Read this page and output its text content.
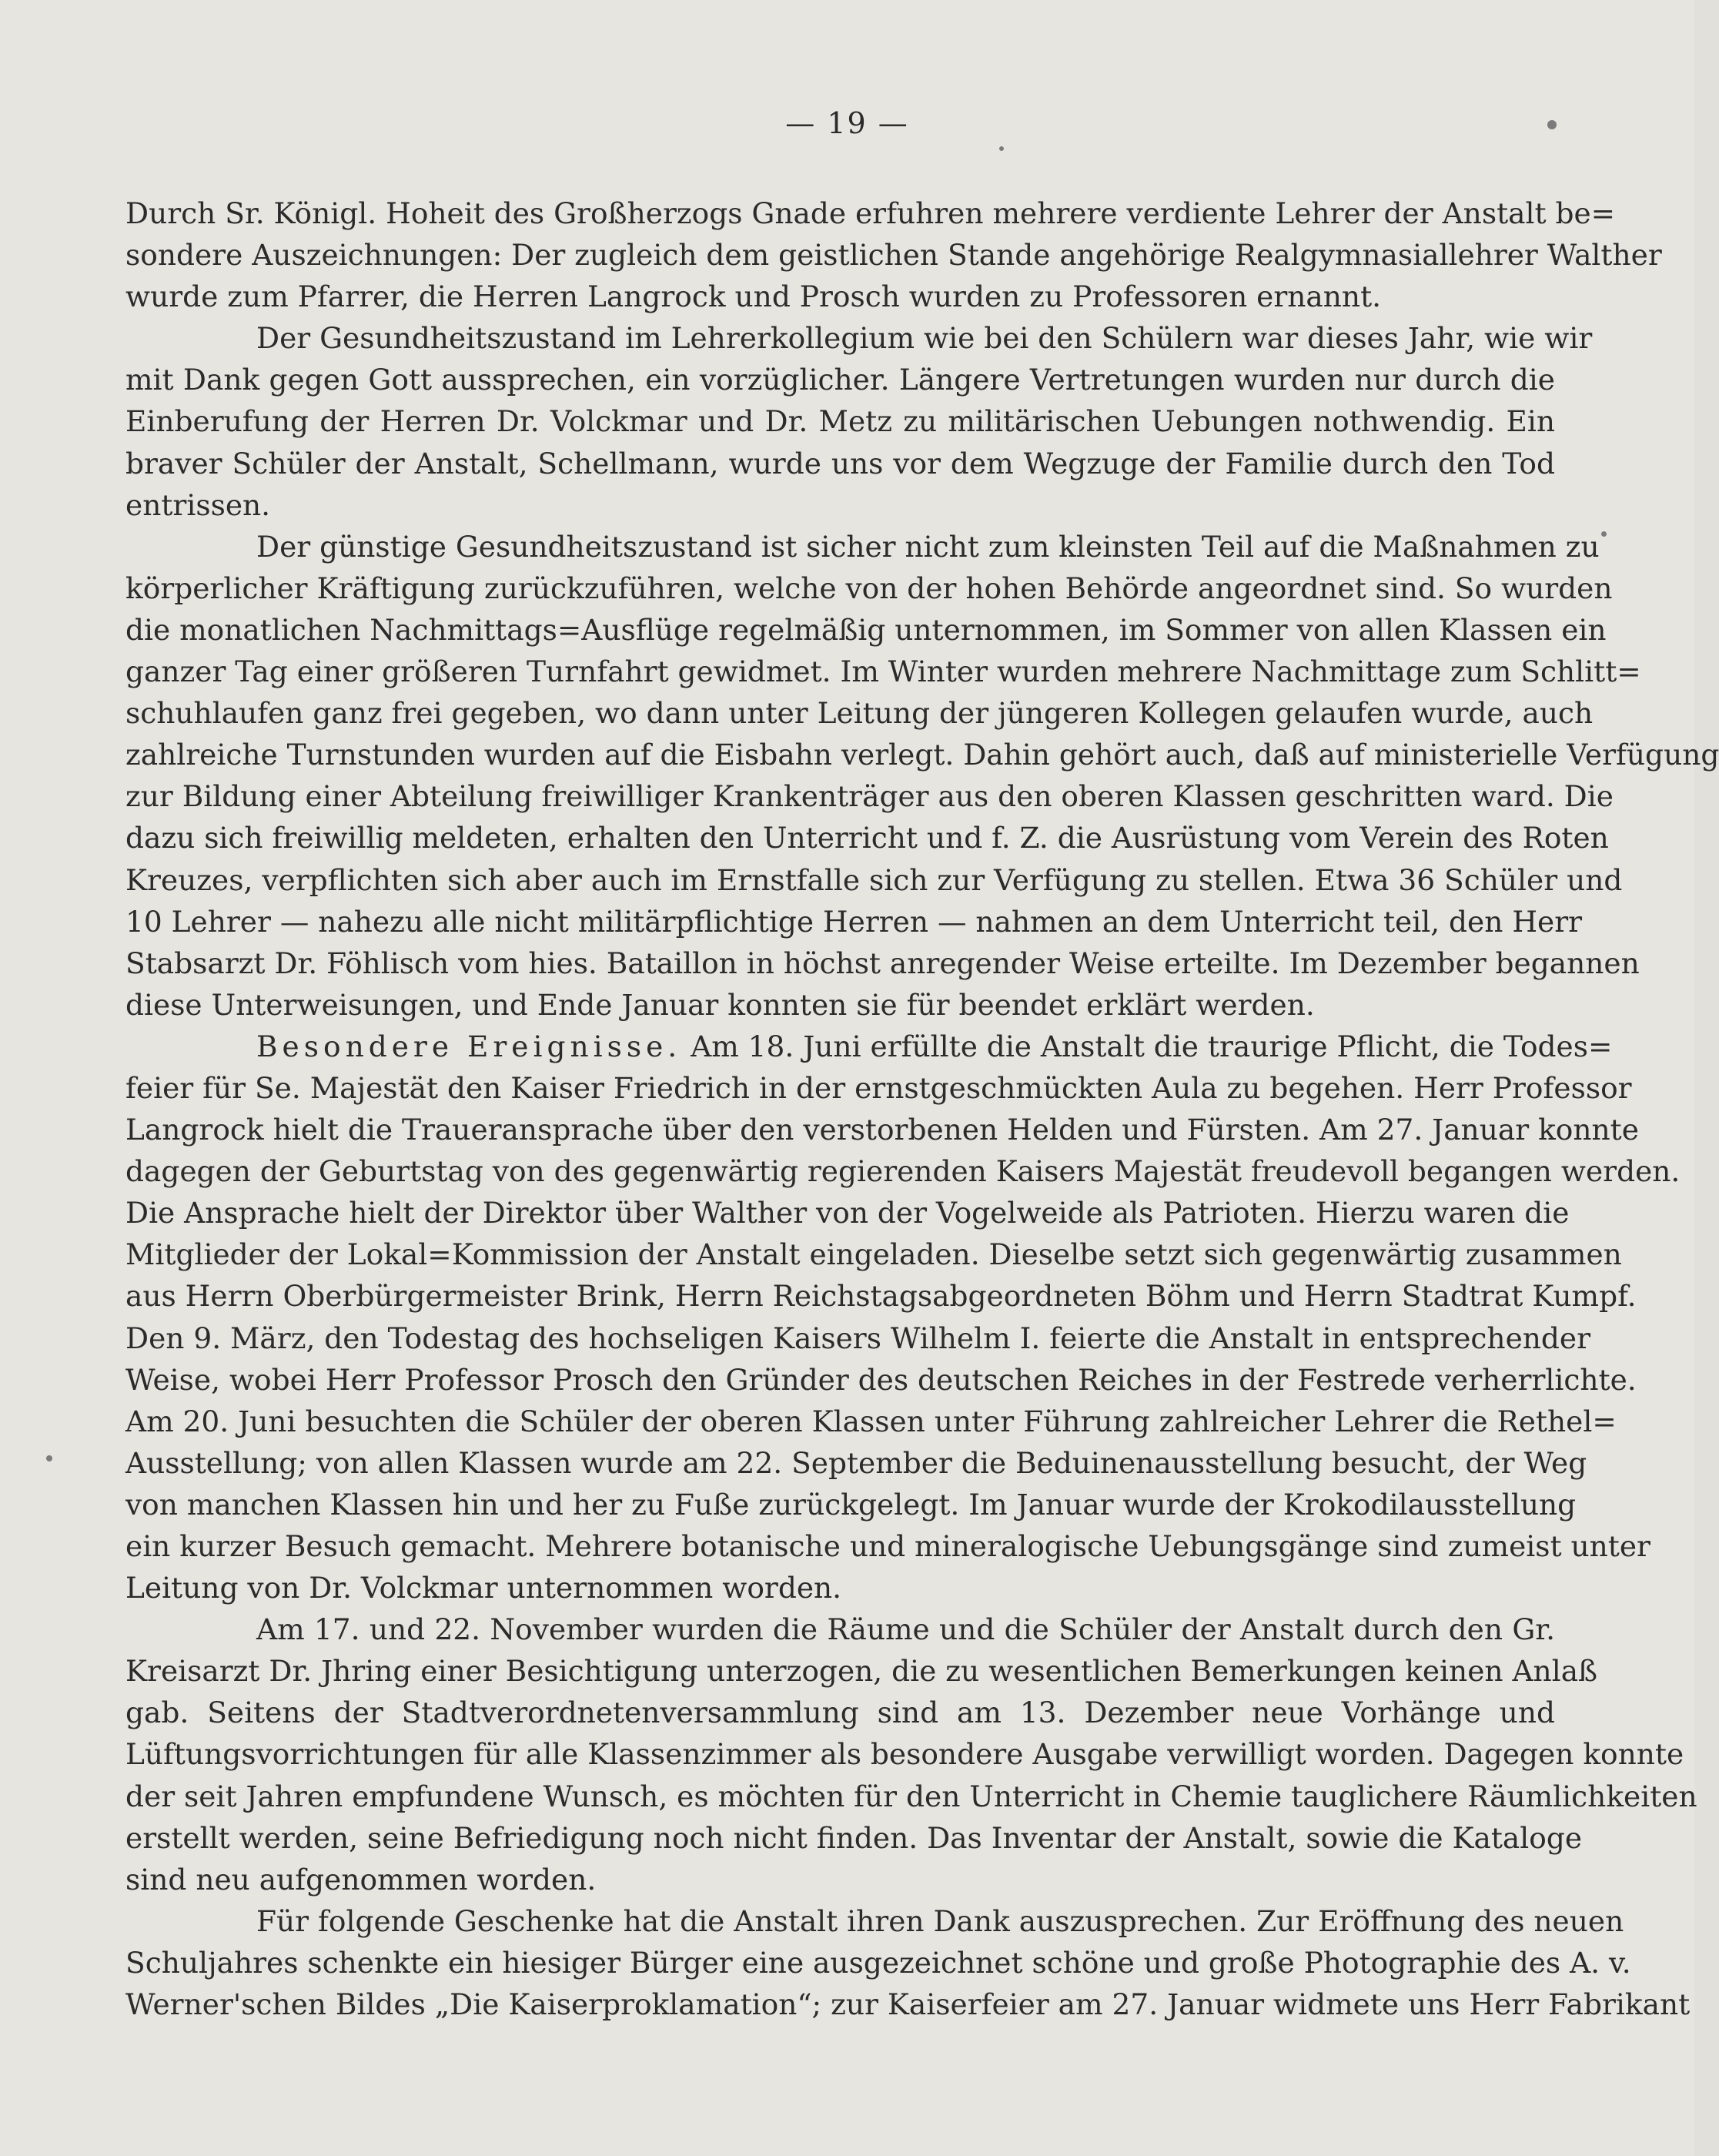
— 19 —

Durch Sr. Königl. Hoheit des Großherzogs Gnade erfuhren mehrere verdiente Lehrer der Anstalt be=
sondere Auszeichnungen: Der zugleich dem geistlichen Stande angehörige Realgymnasiallehrer Walther
wurde zum Pfarrer, die Herren Langrock und Prosch wurden zu Professoren ernannt.

Der Gesundheitszustand im Lehrerkollegium wie bei den Schülern war dieses Jahr, wie wir
mit Dank gegen Gott aussprechen, ein vorzüglicher. Längere Vertretungen wurden nur durch die
Einberufung der Herren Dr. Volckmar und Dr. Metz zu militärischen Uebungen nothwendig. Ein
braver Schüler der Anstalt, Schellmann, wurde uns vor dem Wegzuge der Familie durch den Tod
entrissen.

Der günstige Gesundheitszustand ist sicher nicht zum kleinsten Teil auf die Maßnahmen zu
körperlicher Kräftigung zurückzuführen, welche von der hohen Behörde angeordnet sind. So wurden
die monatlichen Nachmittags=Ausflüge regelmäßig unternommen, im Sommer von allen Klassen ein
ganzer Tag einer größeren Turnfahrt gewidmet. Im Winter wurden mehrere Nachmittage zum Schlitt=
schuhlaufen ganz frei gegeben, wo dann unter Leitung der jüngeren Kollegen gelaufen wurde, auch
zahlreiche Turnstunden wurden auf die Eisbahn verlegt. Dahin gehört auch, daß auf ministerielle Verfügung
zur Bildung einer Abteilung freiwilliger Krankenträger aus den oberen Klassen geschritten ward. Die
dazu sich freiwillig meldeten, erhalten den Unterricht und f. Z. die Ausrüstung vom Verein des Roten
Kreuzes, verpflichten sich aber auch im Ernstfalle sich zur Verfügung zu stellen. Etwa 36 Schüler und
10 Lehrer — nahezu alle nicht militärpflichtige Herren — nahmen an dem Unterricht teil, den Herr
Stabsarzt Dr. Föhlisch vom hies. Bataillon in höchst anregender Weise erteilte. Im Dezember begannen
diese Unterweisungen, und Ende Januar konnten sie für beendet erklärt werden.

Besondere Ereignisse. Am 18. Juni erfüllte die Anstalt die traurige Pflicht, die Todes=
feier für Se. Majestät den Kaiser Friedrich in der ernstgeschmückten Aula zu begehen. Herr Professor
Langrock hielt die Traueransprache über den verstorbenen Helden und Fürsten. Am 27. Januar konnte
dagegen der Geburtstag von des gegenwärtig regierenden Kaisers Majestät freudevoll begangen werden.
Die Ansprache hielt der Direktor über Walther von der Vogelweide als Patrioten. Hierzu waren die
Mitglieder der Lokal=Kommission der Anstalt eingeladen. Dieselbe setzt sich gegenwärtig zusammen
aus Herrn Oberbürgermeister Brink, Herrn Reichstagsabgeordneten Böhm und Herrn Stadtrat Kumpf.
Den 9. März, den Todestag des hochseligen Kaisers Wilhelm I. feierte die Anstalt in entsprechender
Weise, wobei Herr Professor Prosch den Gründer des deutschen Reiches in der Festrede verherrlichte.
Am 20. Juni besuchten die Schüler der oberen Klassen unter Führung zahlreicher Lehrer die Rethel=
Ausstellung; von allen Klassen wurde am 22. September die Beduinenausstellung besucht, der Weg
von manchen Klassen hin und her zu Fuße zurückgelegt. Im Januar wurde der Krokodilausstellung
ein kurzer Besuch gemacht. Mehrere botanische und mineralogische Uebungsgänge sind zumeist unter
Leitung von Dr. Volckmar unternommen worden.

Am 17. und 22. November wurden die Räume und die Schüler der Anstalt durch den Gr.
Kreisarzt Dr. Jhring einer Besichtigung unterzogen, die zu wesentlichen Bemerkungen keinen Anlaß
gab. Seitens der Stadtverordnetenversammlung sind am 13. Dezember neue Vorhänge und
Lüftungsvorrichtungen für alle Klassenzimmer als besondere Ausgabe verwilligt worden. Dagegen konnte
der seit Jahren empfundene Wunsch, es möchten für den Unterricht in Chemie tauglichere Räumlichkeiten
erstellt werden, seine Befriedigung noch nicht finden. Das Inventar der Anstalt, sowie die Kataloge
sind neu aufgenommen worden.

Für folgende Geschenke hat die Anstalt ihren Dank auszusprechen. Zur Eröffnung des neuen
Schuljahres schenkte ein hiesiger Bürger eine ausgezeichnet schöne und große Photographie des A. v.
Werner'schen Bildes „Die Kaiserproklamation“; zur Kaiserfeier am 27. Januar widmete uns Herr Fabrikant
